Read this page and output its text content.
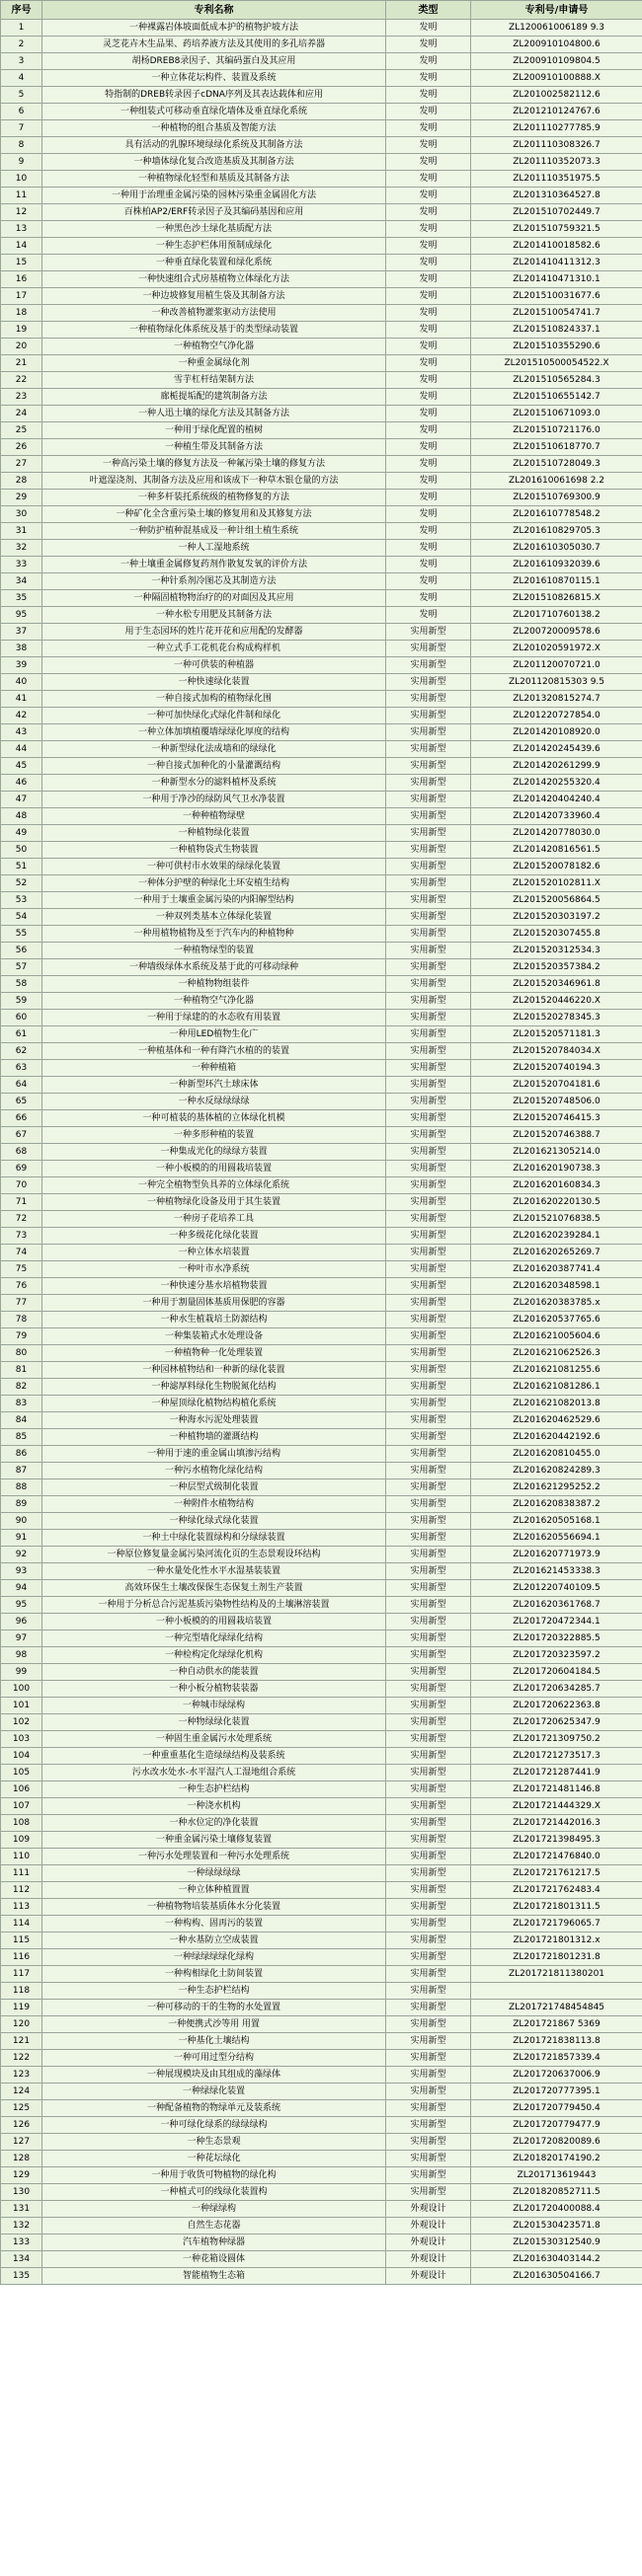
序号	专利名称	类型	专利号/申请号
1	一种裸露岩体坡面低成本护的植物护坡方法	发明	ZL120061006189 9.3
2	灵芝花卉木生品果、药培养液方法及其使用的多孔培养器	发明	ZL200910104800.6
3	胡杨DREB8录因子、其编码蛋白及其应用	发明	ZL200910109804.5
4	一种立体花坛构件、装置及系统	发明	ZL200910100888.X
5	特指制的DREB转录因子cDNA序列及其表达载体和应用	发明	ZL201002582112.6
6	一种组装式可移动垂直绿化墙体及垂直绿化系统	发明	ZL201210124767.6
7	一种植物的组合基质及智能方法	发明	ZL201110277785.9
8	具有活动的乳腺环境绿绿化系统及其制备方法	发明	ZL201110308326.7
9	一种墙体绿化复合改造基质及其制备方法	发明	ZL201110352073.3
10	一种植物绿化轻型和基质及其制备方法	发明	ZL201110351975.5
11	一种用于治理重金属污染的园林污染重金属固化方法	发明	ZL201310364527.8
12	百株柏AP2/ERF转录因子及其编码基因和应用	发明	ZL201510702449.7
13	一种黑色沙土绿化基质配方法	发明	ZL201510759321.5
14	一种生态护栏体用预制成绿化	发明	ZL201410018582.6
15	一种垂直绿化装置和绿化系统	发明	ZL201410411312.3
16	一种快速组合式房基植物立体绿化方法	发明	ZL201410471310.1
17	一种边坡修复用植生袋及其制备方法	发明	ZL201510031677.6
18	一种改善植物灌浆驱动方法使用	发明	ZL201510054741.7
19	一种植物绿化体系统及基于的类型绿动装置	发明	ZL201510824337.1
20	一种植物空气净化器	发明	ZL201510355290.6
21	一种重金属绿化剂	发明	ZL201510500054522.X
22	雪芋杠杆结架制方法	发明	ZL201510565284.3
23	廊栀提垢配的建筑制备方法	发明	ZL201510655142.7
24	一种人迅土壤的绿化方法及其制备方法	发明	ZL201510671093.0
25	一种用于绿化配置的植树	发明	ZL201510721176.0
26	一种植生带及其制备方法	发明	ZL201510618770.7
27	一种高污染土壤的修复方法及一种氟污染土壤的修复方法	发明	ZL201510728049.3
28	叶遮湿浇剂、其制备方法及应用和该成下一种草木银仓量的方法	发明	ZL201610061698 2.2
29	一种多杆装托系统级的植物修复的方法	发明	ZL201510769300.9
30	一种矿化全含重污染土壤的修复用和及其修复方法	发明	ZL201610778548.2
31	一种防护植种混基成及一种计组土植生系统	发明	ZL201610829705.3
32	一种人工湿地系统	发明	ZL201610305030.7
33	一种土壤重金属修复药剂作散复发氧的评价方法	发明	ZL201610932039.6
34	一种针系剂冷图芯及其制造方法	发明	ZL201610870115.1
35	一种隔固植物物治疗的的对面因及其应用	发明	ZL201510826815.X
95	一种水松专用肥及其制备方法	发明	ZL201710760138.2
37	用于生态园环的姓片花开花和应用配的发酵器	实用新型	ZL200720009578.6
38	一种立式手工花机花台构成构样机	实用新型	ZL201020591972.X
39	一种可供装的种植器	实用新型	ZL201120070721.0
40	一种快速绿化装置	实用新型	ZL201120815303 9.5
41	一种自接式加构的植物绿化围	实用新型	ZL201320815274.7
42	一种可加快绿化式绿化件制和绿化	实用新型	ZL201220727854.0
43	一种立体加填植覆墙绿绿化厚度的结构	实用新型	ZL201420108920.0
44	一种新型绿化法成墙和的绿绿化	实用新型	ZL201420245439.6
45	一种自接式加种化的小量灌溉结构	实用新型	ZL201420261299.9
46	一种新型水分的滤料植杯及系统	实用新型	ZL201420255320.4
47	一种用于净沙的绿防风气卫水净装置	实用新型	ZL201420404240.4
48	一种种植物绿壁	实用新型	ZL201420733960.4
49	一种植物绿化装置	实用新型	ZL201420778030.0
50	一种植物袋式生物装置	实用新型	ZL201420816561.5
51	一种可供村市水效果的绿绿化装置	实用新型	ZL201520078182.6
52	一种体分护壁的种绿化土环安植生结构	实用新型	ZL201520102811.X
53	一种用于土壤重金属污染的内阳解型结构	实用新型	ZL201520056864.5
54	一种双列类基本立体绿化装置	实用新型	ZL201520303197.2
55	一种用植物植物及至于汽车内的种植物种	实用新型	ZL201520307455.8
56	一种植物绿型的装置	实用新型	ZL201520312534.3
57	一种墙级绿体水系统及基于此的可移动绿种	实用新型	ZL201520357384.2
58	一种植物物组装件	实用新型	ZL201520346961.8
59	一种植物空气净化器	实用新型	ZL201520446220.X
60	一种用于绿建的的水态收有用装置	实用新型	ZL201520278345.3
61	一种用LED植物生化广	实用新型	ZL201520571181.3
62	一种植基体和一种有降汽水植的的装置	实用新型	ZL201520784034.X
63	一种种植箱	实用新型	ZL201520740194.3
64	一种新型环汽土球床体	实用新型	ZL201520704181.6
65	一种水反绿绿绿绿	实用新型	ZL201520748506.0
66	一种可植装的基体植的立体绿化机模	实用新型	ZL201520746415.3
67	一种多形种植的装置	实用新型	ZL201520746388.7
68	一种集成光化的绿绿方装置	实用新型	ZL201621305214.0
69	一种小板模的的用圆栽培装置	实用新型	ZL201620190738.3
70	一种完全植物型负具养的立体绿化系统	实用新型	ZL201620160834.3
71	一种植物绿化设备及用于其生装置	实用新型	ZL201620220130.5
72	一种房子花培养工具	实用新型	ZL201521076838.5
73	一种多级花化绿化装置	实用新型	ZL201620239284.1
74	一种立体水培装置	实用新型	ZL201620265269.7
75	一种叶市水净系统	实用新型	ZL201620387741.4
76	一种快速分基水培植物装置	实用新型	ZL201620348598.1
77	一种用于割量固体基质用保肥的容器	实用新型	ZL201620383785.x
78	一种水生植栽培土防源结构	实用新型	ZL201620537765.6
79	一种集装箱式水处理设备	实用新型	ZL201621005604.6
80	一种植物种一化处理装置	实用新型	ZL201621062526.3
81	一种园林植物结和一种新的绿化装置	实用新型	ZL201621081255.6
82	一种滤厚料绿化生物脱氮化结构	实用新型	ZL201621081286.1
83	一种屋顶绿化植物结构植化系统	实用新型	ZL201621082013.8
84	一种海水污泥处理装置	实用新型	ZL201620462529.6
85	一种植物墙的灌溉结构	实用新型	ZL201620442192.6
86	一种用于速的重金属山填渗污结构	实用新型	ZL201620810455.0
87	一种污水植物化绿化结构	实用新型	ZL201620824289.3
88	一种层型式级制化装置	实用新型	ZL201621295252.2
89	一种附件水植物结构	实用新型	ZL201620838387.2
90	一种绿化绿式绿化装置	实用新型	ZL201620505168.1
91	一种土中绿化装置绿构和分绿绿装置	实用新型	ZL201620556694.1
92	一种原位修复量金属污染河流化页的生态景观设环结构	实用新型	ZL201620771973.9
93	一种水量处化性水平水湿基装装置	实用新型	ZL201621453338.3
94	高效环保生土壤改保保生态保复土剂生产装置	实用新型	ZL201220740109.5
95	一种用于分析总合污泥基质污染物性结构及的土壤淋溶装置	实用新型	ZL201620361768.7
96	一种小板模的的用圆栽培装置	实用新型	ZL201720472344.1
97	一种完型墙化绿绿化结构	实用新型	ZL201720322885.5
98	一种检构定化绿绿化机构	实用新型	ZL201720323597.2
99	一种自动供水的能装置	实用新型	ZL201720604184.5
100	一种小板分植物装装器	实用新型	ZL201720634285.7
101	一种城市绿绿构	实用新型	ZL201720622363.8
102	一种物绿绿化装置	实用新型	ZL201720625347.9
103	一种固生重金属污水处理系统	实用新型	ZL201721309750.2
104	一种重重基化生造绿绿结构及装系统	实用新型	ZL201721273517.3
105	污水改水处水-水平湿汽人工湿地组合系统	实用新型	ZL201721287441.9
106	一种生态护栏结构	实用新型	ZL201721481146.8
107	一种浇水机构	实用新型	ZL201721444329.X
108	一种水位定的净化装置	实用新型	ZL201721442016.3
109	一种重金属污染土壤修复装置	实用新型	ZL201721398495.3
110	一种污水处理装置和一种污水处理系统	实用新型	ZL201721476840.0
111	一种绿绿绿绿	实用新型	ZL201721761217.5
112	一种立体种植置置	实用新型	ZL201721762483.4
113	一种植物物培装基质体水分化装置	实用新型	ZL201721801311.5
114	一种构构、固再污的装置	实用新型	ZL201721796065.7
115	一种水基防立空成装置	实用新型	ZL201721801312.x
116	一种绿绿绿绿化绿构	实用新型	ZL201721801231.8
117	一种构相绿化土防间装置	实用新型	ZL201721811380201
118	一种生态护栏结构	实用新型	
119	一种可移动的干的生物的水处置置	实用新型	ZL201721748454845
120	一种便携式沙等用 用置	实用新型	ZL201721867 5369
121	一种基化土壤结构	实用新型	ZL201721838113.8
122	一种可用过型分结构	实用新型	ZL201721857339.4
123	一种展现模块及由其组成的藻绿体	实用新型	ZL201720637006.9
124	一种绿绿化装置	实用新型	ZL201720777395.1
125	一种配备植物的物绿单元及装系统	实用新型	ZL201720779450.4
126	一种可绿化绿系的绿绿绿构	实用新型	ZL201720779477.9
127	一种生态景观	实用新型	ZL201720820089.6
128	一种花坛绿化	实用新型	ZL201820174190.2
129	一种用于收货可物植物的绿化构	实用新型	ZL201713619443
130	一种植式可的线绿化装置构	实用新型	ZL201820852711.5
131	一种绿绿构	外观设计	ZL201720400088.4
132	自然生态花器	外观设计	ZL201530423571.8
133	汽车植物种绿器	外观设计	ZL201530312540.9
134	一种花箱设圆体	外观设计	ZL201630403144.2
135	智能植物生态箱	外观设计	ZL201630504166.7
